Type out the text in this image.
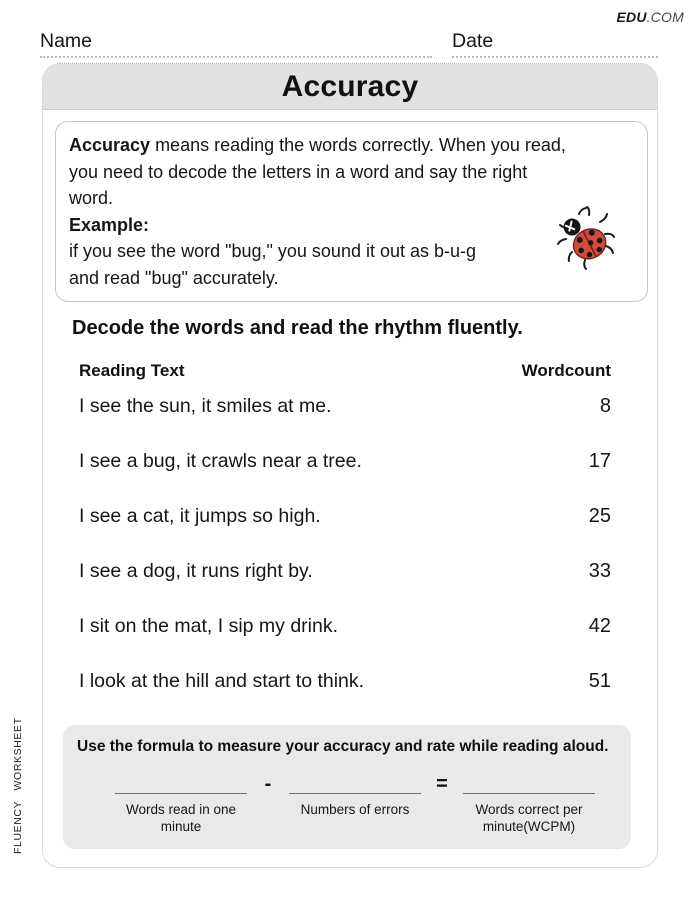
EDU.COM
Name	Date
Accuracy
Accuracy means reading the words correctly. When you read,
you need to decode the letters in a word and say the right
word.
Example:
if you see the word "bug," you sound it out as b-u-g
and read "bug" accurately.
Decode the words and read the rhythm fluently.
Reading Text	Wordcount
I see the sun, it smiles at me.	8
I see a bug, it crawls near a tree.	17
I see a cat, it jumps so high.	25
I see a dog, it runs right by.	33
I sit on the mat, I sip my drink.	42
I look at the hill and start to think.	51
Use the formula to measure your accuracy and rate while reading aloud.
Words read in one minute
-
Numbers of errors
=
Words correct per minute(WCPM)
FLUENCY WORKSHEET
